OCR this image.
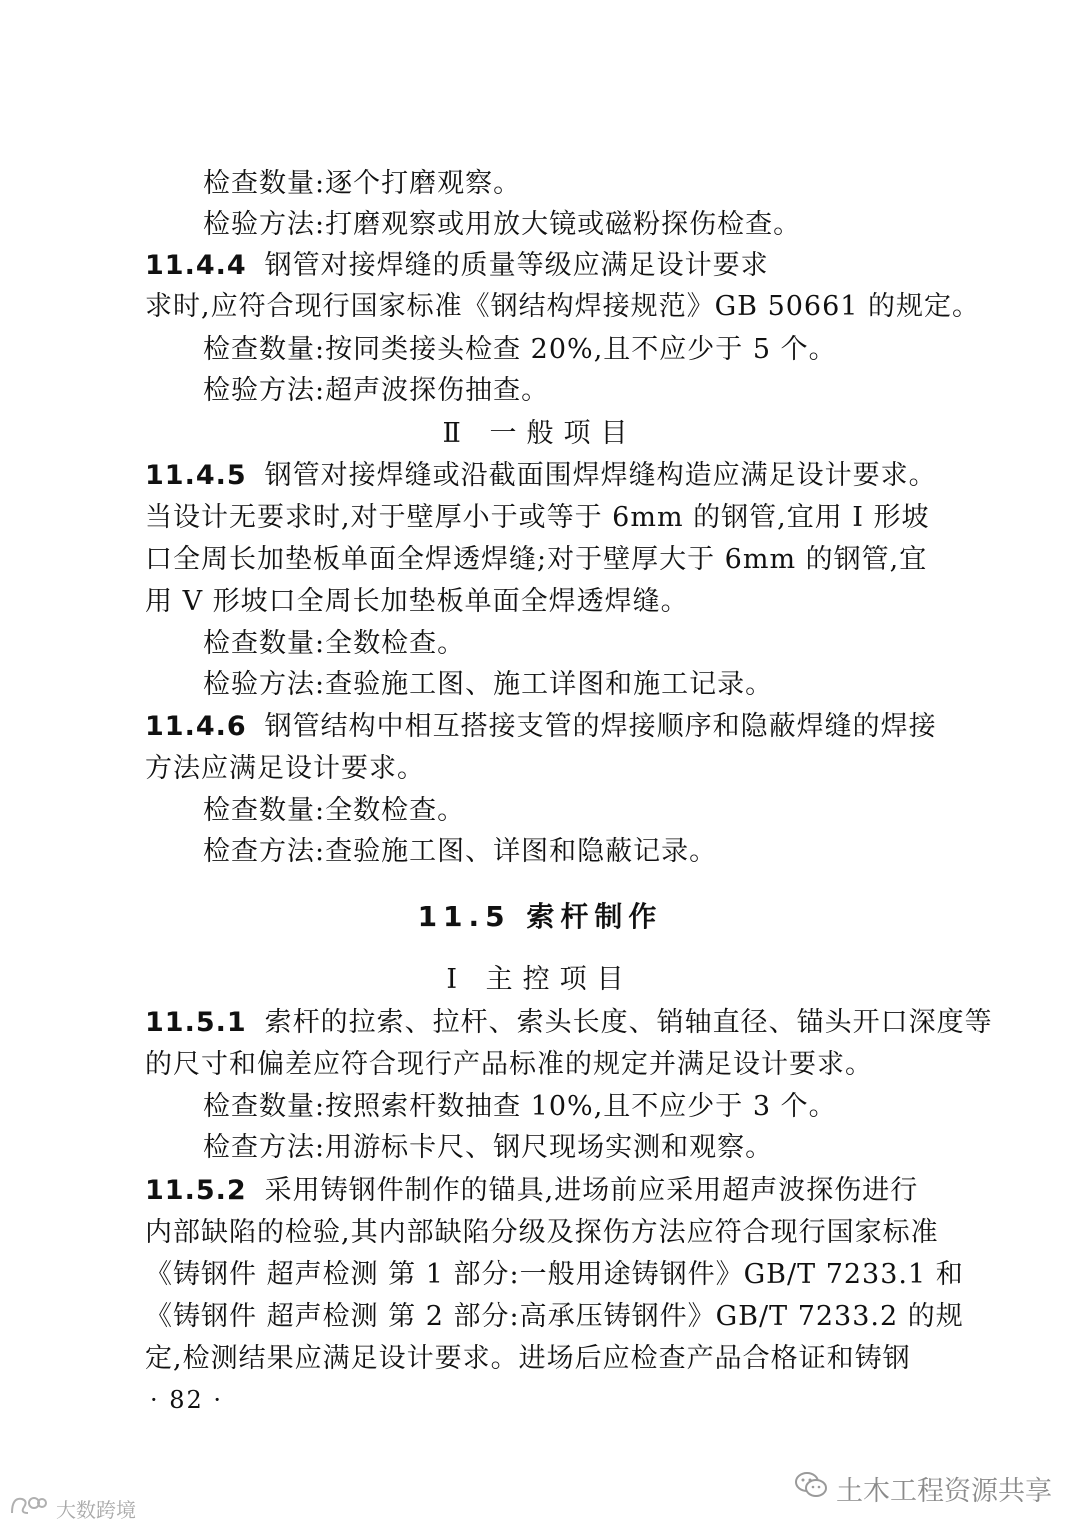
检查数量:逐个打磨观察。
检验方法:打磨观察或用放大镜或磁粉探伤检查。
11.4.4 钢管对接焊缝的质量等级应满足设计要求
求时,应符合现行国家标准《钢结构焊接规范》GB 50661 的规定。
检查数量:按同类接头检查 20%,且不应少于 5 个。
检验方法:超声波探伤抽查。
Ⅱ 一般项目
11.4.5 钢管对接焊缝或沿截面围焊焊缝构造应满足设计要求。
当设计无要求时,对于壁厚小于或等于 6mm 的钢管,宜用 I 形坡
口全周长加垫板单面全焊透焊缝;对于壁厚大于 6mm 的钢管,宜
用 V 形坡口全周长加垫板单面全焊透焊缝。
检查数量:全数检查。
检验方法:查验施工图、施工详图和施工记录。
11.4.6 钢管结构中相互搭接支管的焊接顺序和隐蔽焊缝的焊接
方法应满足设计要求。
检查数量:全数检查。
检查方法:查验施工图、详图和隐蔽记录。
11.5 索杆制作
Ⅰ 主控项目
11.5.1 索杆的拉索、拉杆、索头长度、销轴直径、锚头开口深度等
的尺寸和偏差应符合现行产品标准的规定并满足设计要求。
检查数量:按照索杆数抽查 10%,且不应少于 3 个。
检查方法:用游标卡尺、钢尺现场实测和观察。
11.5.2 采用铸钢件制作的锚具,进场前应采用超声波探伤进行
内部缺陷的检验,其内部缺陷分级及探伤方法应符合现行国家标准
《铸钢件 超声检测 第 1 部分:一般用途铸钢件》GB/T 7233.1 和
《铸钢件 超声检测 第 2 部分:高承压铸钢件》GB/T 7233.2 的规
定,检测结果应满足设计要求。进场后应检查产品合格证和铸钢
· 82 ·
土木工程资源共享
大数跨境
